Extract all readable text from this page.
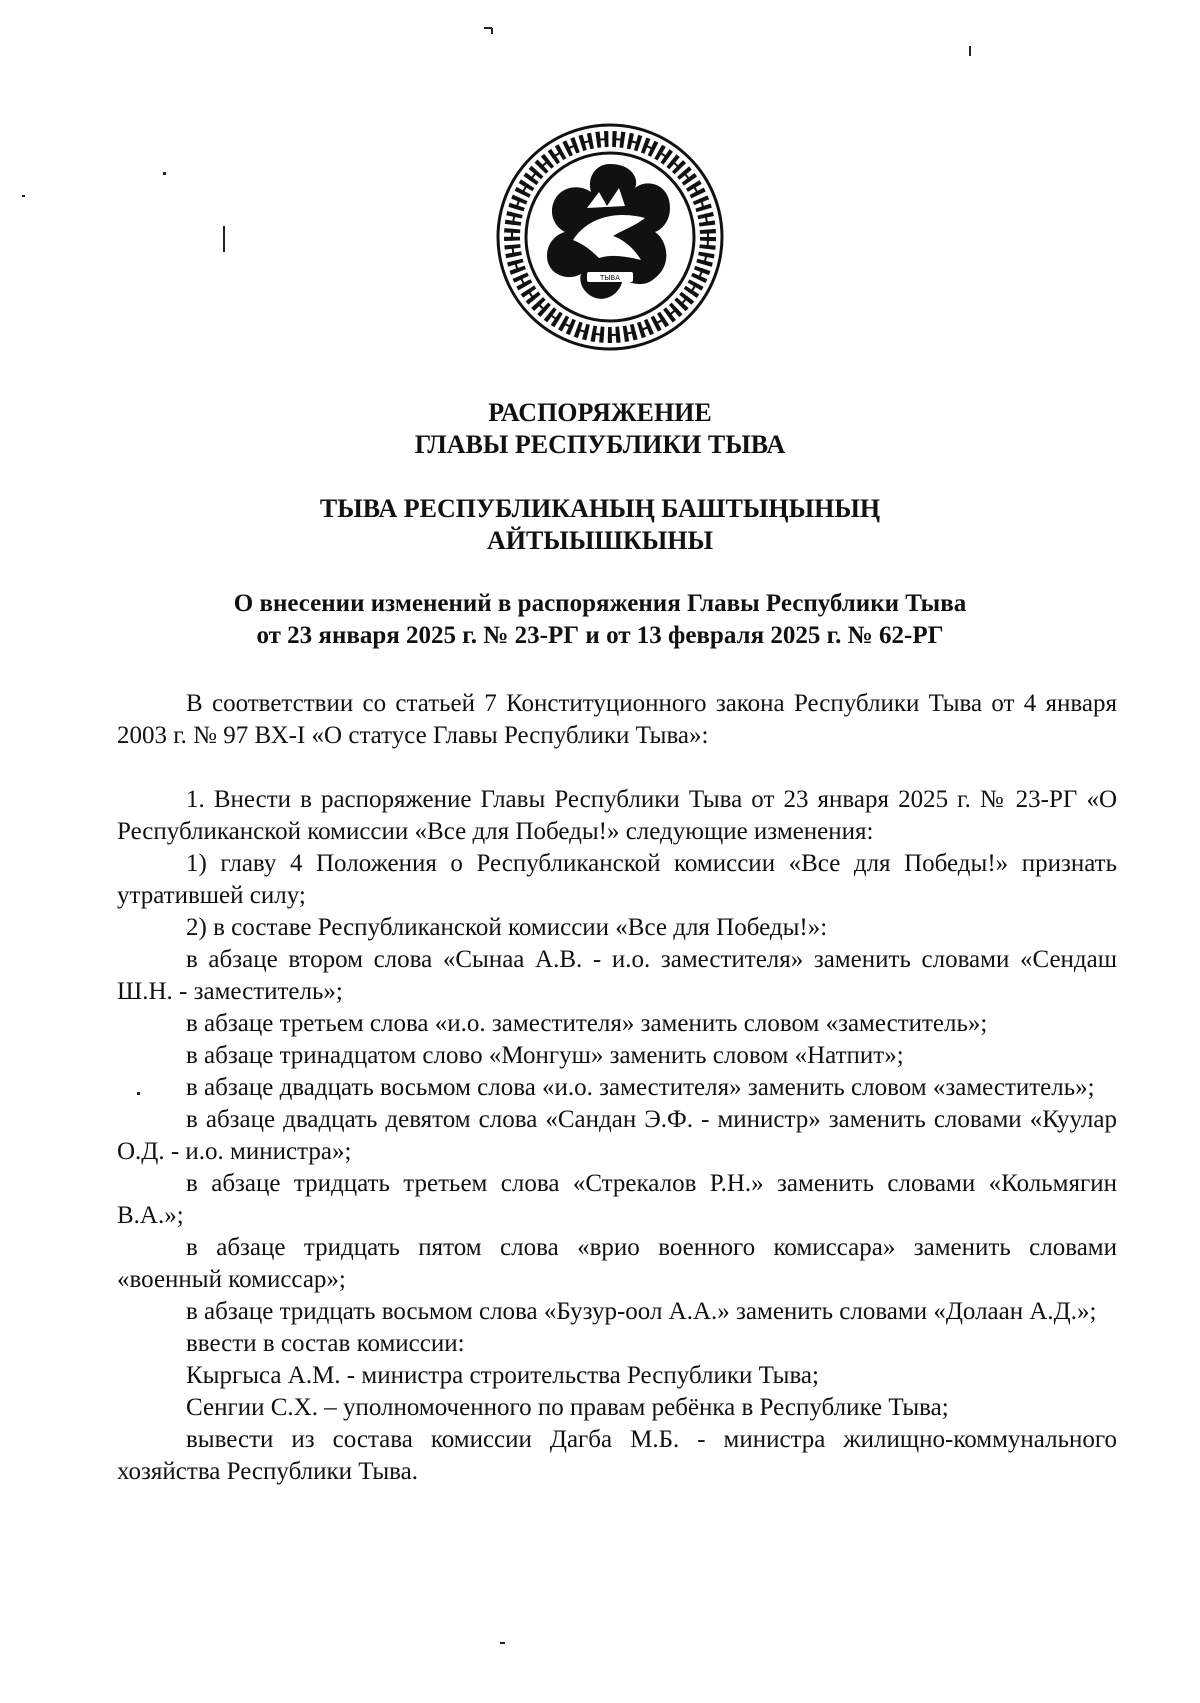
ТЫВА
РАСПОРЯЖЕНИЕ
ГЛАВЫ РЕСПУБЛИКИ ТЫВА
ТЫВА РЕСПУБЛИКАНЫҢ БАШТЫҢЫНЫҢ
АЙТЫЫШКЫНЫ
О внесении изменений в распоряжения Главы Республики Тыва
от 23 января 2025 г. № 23-РГ и от 13 февраля 2025 г. № 62-РГ

В соответствии со статьей 7 Конституционного закона Республики Тыва от 4 января 2003 г. № 97 ВХ-I «О статусе Главы Республики Тыва»:

1. Внести в распоряжение Главы Республики Тыва от 23 января 2025 г. № 23-РГ «О Республиканской комиссии «Все для Победы!» следующие изменения:

1) главу 4 Положения о Республиканской комиссии «Все для Победы!» признать утратившей силу;

2) в составе Республиканской комиссии «Все для Победы!»:

в абзаце втором слова «Сынаа А.В. - и.о. заместителя» заменить словами «Сендаш Ш.Н. - заместитель»;

в абзаце третьем слова «и.о. заместителя» заменить словом «заместитель»;

в абзаце тринадцатом слово «Монгуш» заменить словом «Натпит»;

в абзаце двадцать восьмом слова «и.о. заместителя» заменить словом «заместитель»;

в абзаце двадцать девятом слова «Сандан Э.Ф. - министр» заменить словами «Куулар О.Д. - и.о. министра»;

в абзаце тридцать третьем слова «Стрекалов Р.Н.» заменить словами «Кольмягин В.А.»;

в абзаце тридцать пятом слова «врио военного комиссара» заменить словами «военный комиссар»;

в абзаце тридцать восьмом слова «Бузур-оол А.А.» заменить словами «Долаан А.Д.»;

ввести в состав комиссии:

Кыргыса А.М. - министра строительства Республики Тыва;

Сенгии С.Х. – уполномоченного по правам ребёнка в Республике Тыва;

вывести из состава комиссии Дагба М.Б. - министра жилищно-коммунального хозяйства Республики Тыва.
